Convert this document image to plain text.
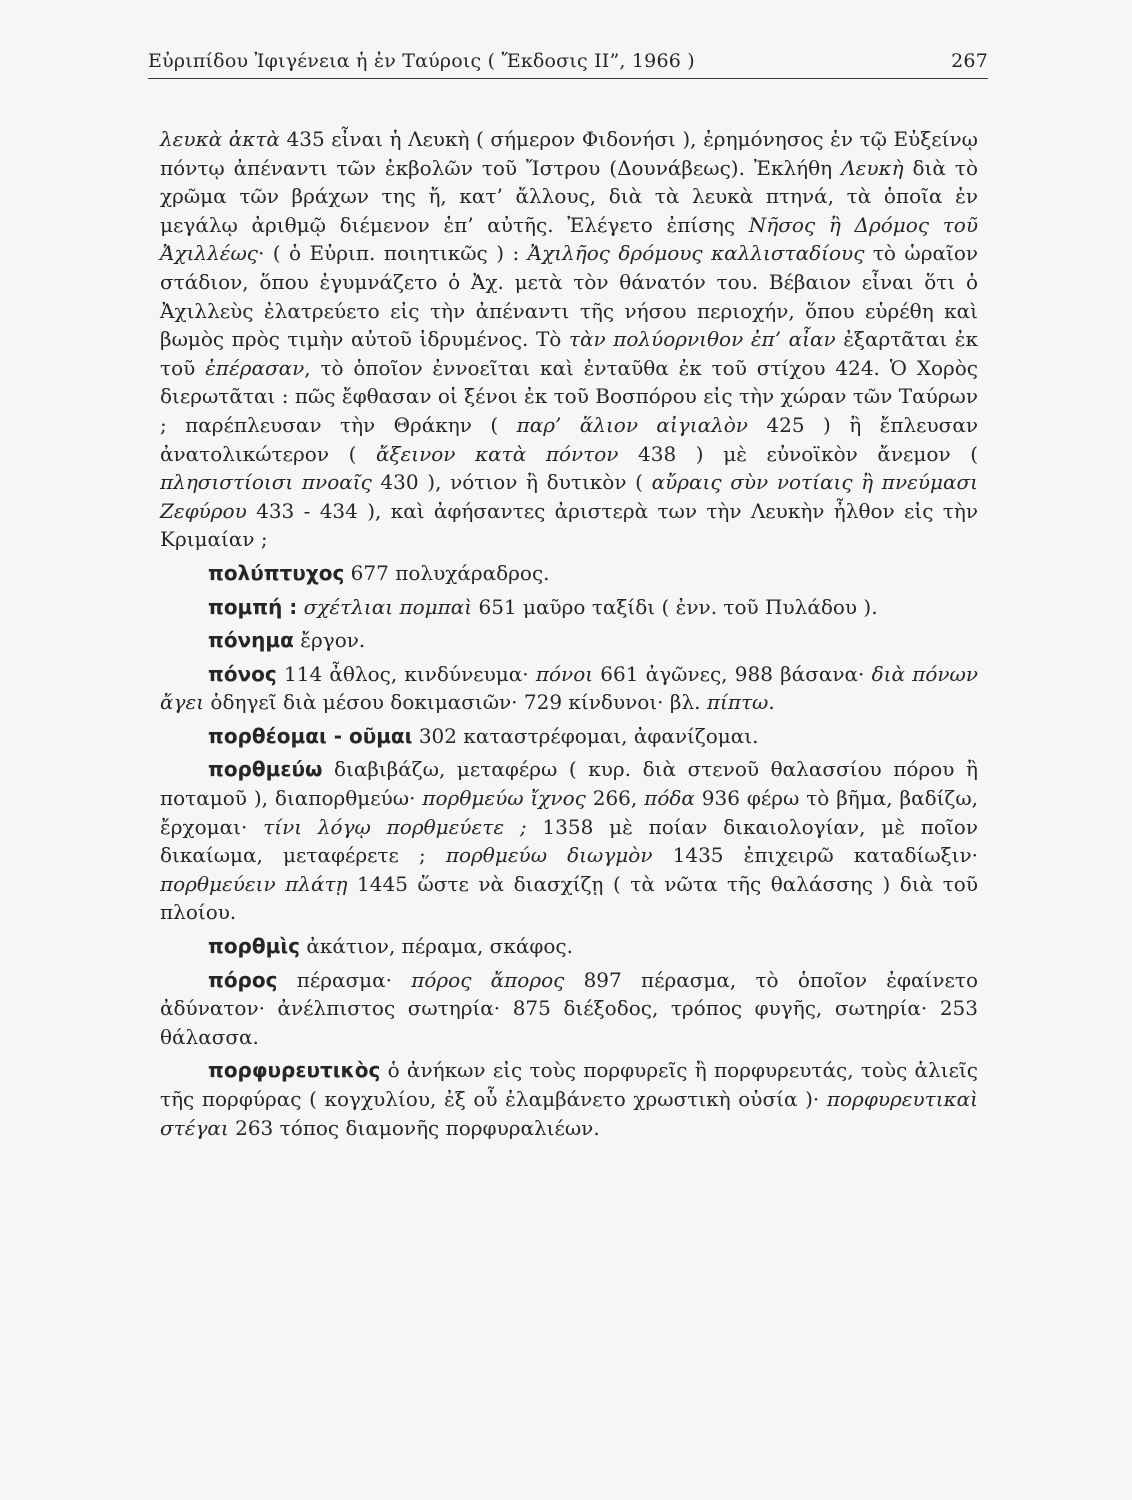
Εὐριπίδου Ἰφιγένεια ἡ ἐν Ταύροις ( Ἔκδοσις ΙΙ”, 1966 )	267

λευκὰ ἀκτὰ 435 εἶναι ἡ Λευκὴ ( σήμερον Φιδονήσι ), ἐρημόνησος ἐν τῷ Εὐξείνῳ πόντῳ ἀπέναντι τῶν ἐκβολῶν τοῦ Ἴστρου (Δουνάβεως). Ἐκλήθη Λευκὴ διὰ τὸ χρῶμα τῶν βράχων της ἤ, κατ’ ἄλλους, διὰ τὰ λευκὰ πτηνά, τὰ ὁποῖα ἐν μεγάλῳ ἀριθμῷ διέμενον ἐπ’ αὐτῆς. Ἐλέγετο ἐπίσης Νῆσος ἢ Δρόμος τοῦ Ἀχιλλέως· ( ὁ Εὐριπ. ποιητικῶς ) : Ἀχιλῆος δρόμους καλλισταδίους τὸ ὡραῖον στάδιον, ὅπου ἐγυμνάζετο ὁ Ἀχ. μετὰ τὸν θάνατόν του. Βέβαιον εἶναι ὅτι ὁ Ἀχιλλεὺς ἐλατρεύετο εἰς τὴν ἀπέναντι τῆς νήσου περιοχήν, ὅπου εὑρέθη καὶ βωμὸς πρὸς τιμὴν αὐτοῦ ἱδρυμένος. Τὸ τὰν πολύορνιθον ἐπ’ αἶαν ἐξαρτᾶται ἐκ τοῦ ἐπέρασαν, τὸ ὁποῖον ἐννοεῖται καὶ ἐνταῦθα ἐκ τοῦ στίχου 424. Ὁ Χορὸς διερωτᾶται : πῶς ἔφθασαν οἱ ξένοι ἐκ τοῦ Βοσπόρου εἰς τὴν χώραν τῶν Ταύρων ; παρέπλευσαν τὴν Θράκην ( παρ’ ἅλιον αἰγιαλὸν 425 ) ἢ ἔπλευσαν ἀνατολικώτερον ( ἄξεινον κατὰ πόντον 438 ) μὲ εὐνοϊκὸν ἄνεμον ( πλησιστίοισι πνοαῖς 430 ), νότιον ἢ δυτικὸν ( αὔραις σὺν νοτίαις ἢ πνεύμασι Ζεφύρου 433 - 434 ), καὶ ἀφήσαντες ἀριστερὰ των τὴν Λευκὴν ἦλθον εἰς τὴν Κριμαίαν ;

πολύπτυχος 677 πολυχάραδρος.

πομπή : σχέτλιαι πομπαὶ 651 μαῦρο ταξίδι ( ἐνν. τοῦ Πυλάδου ).

πόνημα ἔργον.

πόνος 114 ἆθλος, κινδύνευμα· πόνοι 661 ἀγῶνες, 988 βάσανα· διὰ πόνων ἄγει ὁδηγεῖ διὰ μέσου δοκιμασιῶν· 729 κίνδυνοι· βλ. πίπτω.

πορθέομαι - οῦμαι 302 καταστρέφομαι, ἀφανίζομαι.

πορθμεύω διαβιβάζω, μεταφέρω ( κυρ. διὰ στενοῦ θαλασσίου πόρου ἢ ποταμοῦ ), διαπορθμεύω· πορθμεύω ἴχνος 266, πόδα 936 φέρω τὸ βῆμα, βαδίζω, ἔρχομαι· τίνι λόγῳ πορθμεύετε ; 1358 μὲ ποίαν δικαιολογίαν, μὲ ποῖον δικαίωμα, μεταφέρετε ; πορθμεύω διωγμὸν 1435 ἐπιχειρῶ καταδίωξιν· πορθμεύειν πλάτῃ 1445 ὥστε νὰ διασχίζῃ ( τὰ νῶτα τῆς θαλάσσης ) διὰ τοῦ πλοίου.

πορθμὶς ἀκάτιον, πέραμα, σκάφος.

πόρος πέρασμα· πόρος ἄπορος 897 πέρασμα, τὸ ὁποῖον ἐφαίνετο ἀδύνατον· ἀνέλπιστος σωτηρία· 875 διέξοδος, τρόπος φυγῆς, σωτηρία· 253 θάλασσα.

πορφυρευτικὸς ὁ ἀνήκων εἰς τοὺς πορφυρεῖς ἢ πορφυρευτάς, τοὺς ἁλιεῖς τῆς πορφύρας ( κογχυλίου, ἐξ οὗ ἐλαμβάνετο χρωστικὴ οὐσία )· πορφυρευτικαὶ στέγαι 263 τόπος διαμονῆς πορφυραλιέων.
